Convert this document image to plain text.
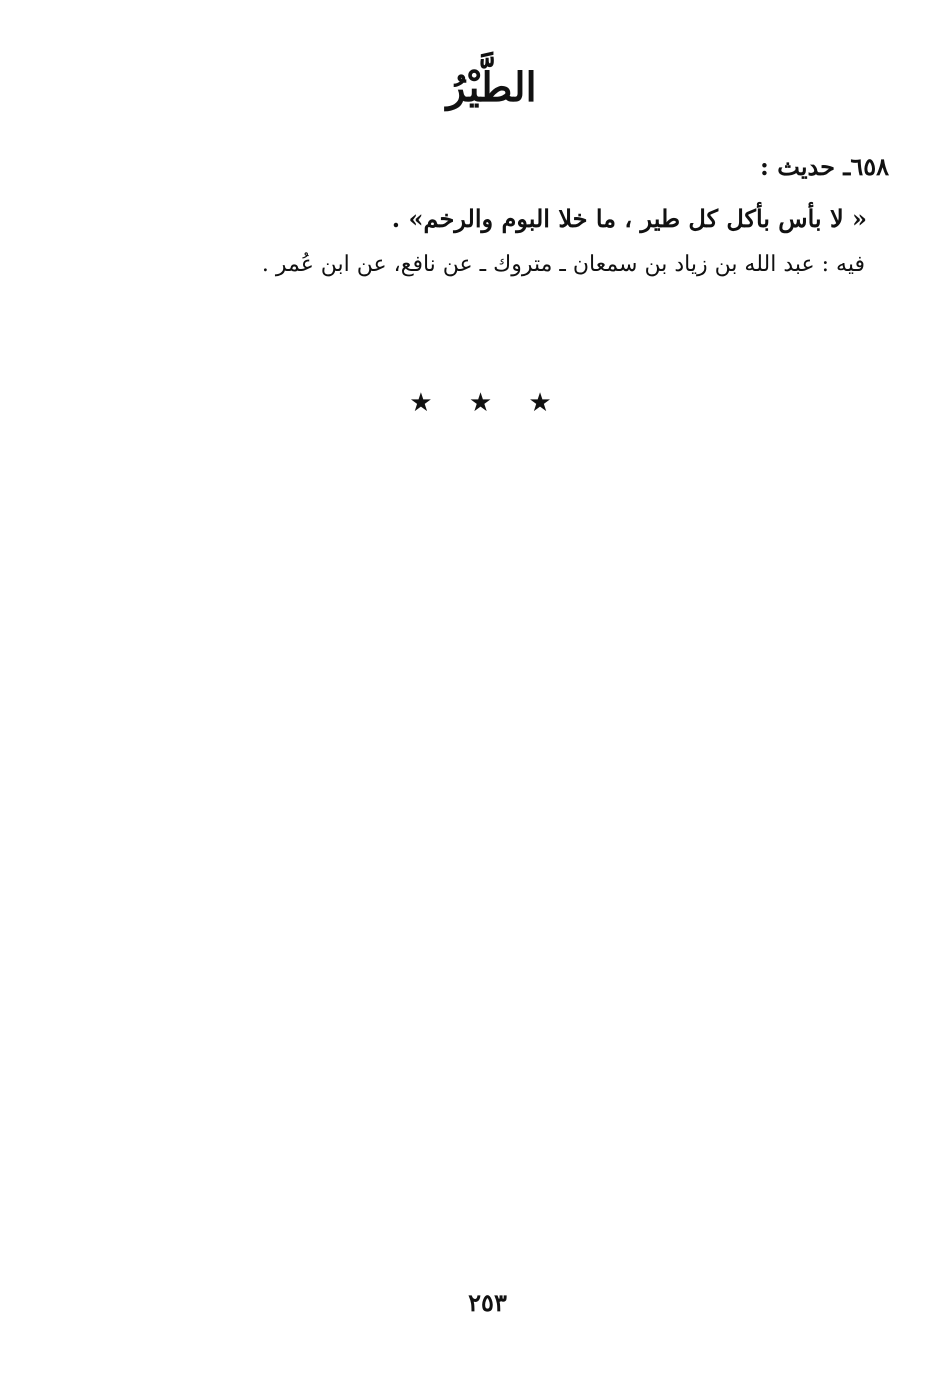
الطَّيْرُ
٦٥٨ـ حديث :
« لا بأس بأكل كل طير ، ما خلا البوم والرخم» .
فيه : عبد الله بن زياد بن سمعان ـ متروك ـ عن نافع، عن ابن عُمر .
★ ★ ★
٢٥٣
